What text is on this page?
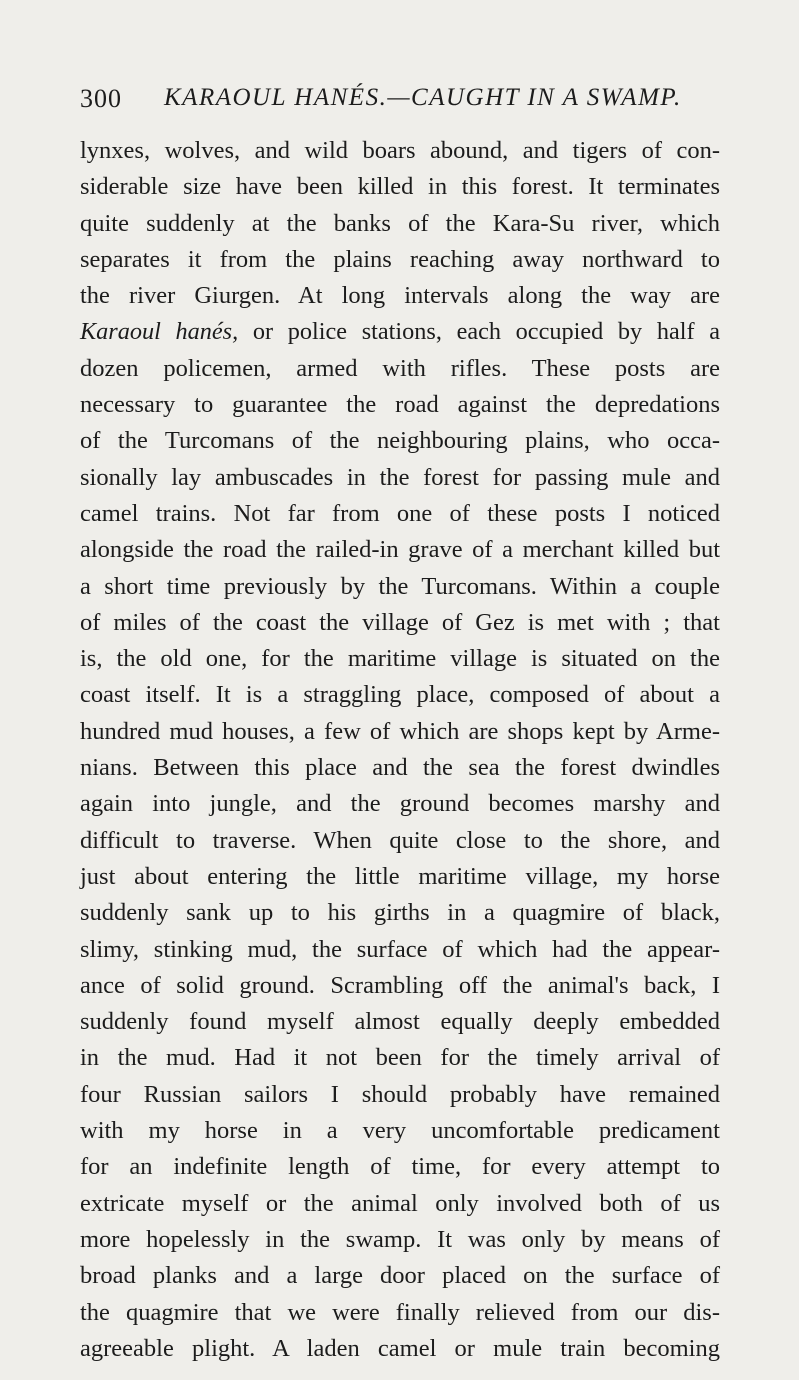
300 KARAOUL HANÉS.—CAUGHT IN A SWAMP.
lynxes, wolves, and wild boars abound, and tigers of con-
siderable size have been killed in this forest. It terminates
quite suddenly at the banks of the Kara-Su river, which
separates it from the plains reaching away northward to
the river Giurgen. At long intervals along the way are
Karaoul hanés, or police stations, each occupied by half a
dozen policemen, armed with rifles. These posts are
necessary to guarantee the road against the depredations
of the Turcomans of the neighbouring plains, who occa-
sionally lay ambuscades in the forest for passing mule and
camel trains. Not far from one of these posts I noticed
alongside the road the railed-in grave of a merchant killed but
a short time previously by the Turcomans. Within a couple
of miles of the coast the village of Gez is met with ; that
is, the old one, for the maritime village is situated on the
coast itself. It is a straggling place, composed of about a
hundred mud houses, a few of which are shops kept by Arme-
nians. Between this place and the sea the forest dwindles
again into jungle, and the ground becomes marshy and
difficult to traverse. When quite close to the shore, and
just about entering the little maritime village, my horse
suddenly sank up to his girths in a quagmire of black,
slimy, stinking mud, the surface of which had the appear-
ance of solid ground. Scrambling off the animal's back, I
suddenly found myself almost equally deeply embedded
in the mud. Had it not been for the timely arrival of
four Russian sailors I should probably have remained
with my horse in a very uncomfortable predicament
for an indefinite length of time, for every attempt to
extricate myself or the animal only involved both of us
more hopelessly in the swamp. It was only by means of
broad planks and a large door placed on the surface of
the quagmire that we were finally relieved from our dis-
agreeable plight. A laden camel or mule train becoming
